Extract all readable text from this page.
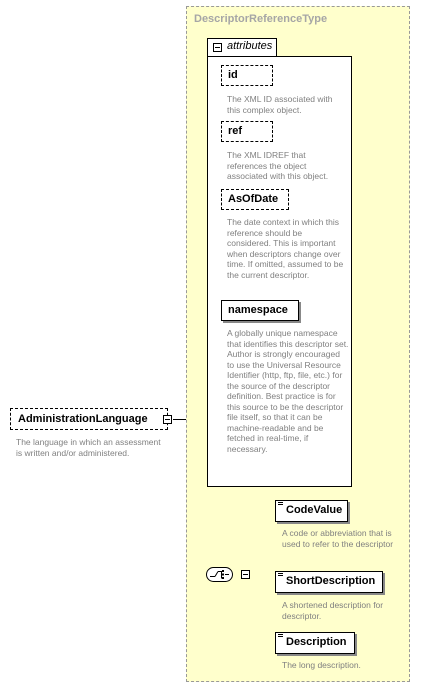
AdministrationLanguage
The language in which an assessment is written and/or administered.
DescriptorReferenceType
attributes
id
The XML ID associated with this complex object.
ref
The XML IDREF that references the object associated with this object.
AsOfDate
The date context in which this reference should be considered. This is important when descriptors change over time. If omitted, assumed to be the current descriptor.
namespace
A globally unique namespace that identifies this descriptor set. Author is strongly encouraged to use the Universal Resource Identifier (http, ftp, file, etc.) for the source of the descriptor definition. Best practice is for this source to be the descriptor file itself, so that it can be machine-readable and be fetched in real-time, if necessary.
CodeValue
A code or abbreviation that is used to refer to the descriptor
ShortDescription
A shortened description for descriptor.
Description
The long description.
